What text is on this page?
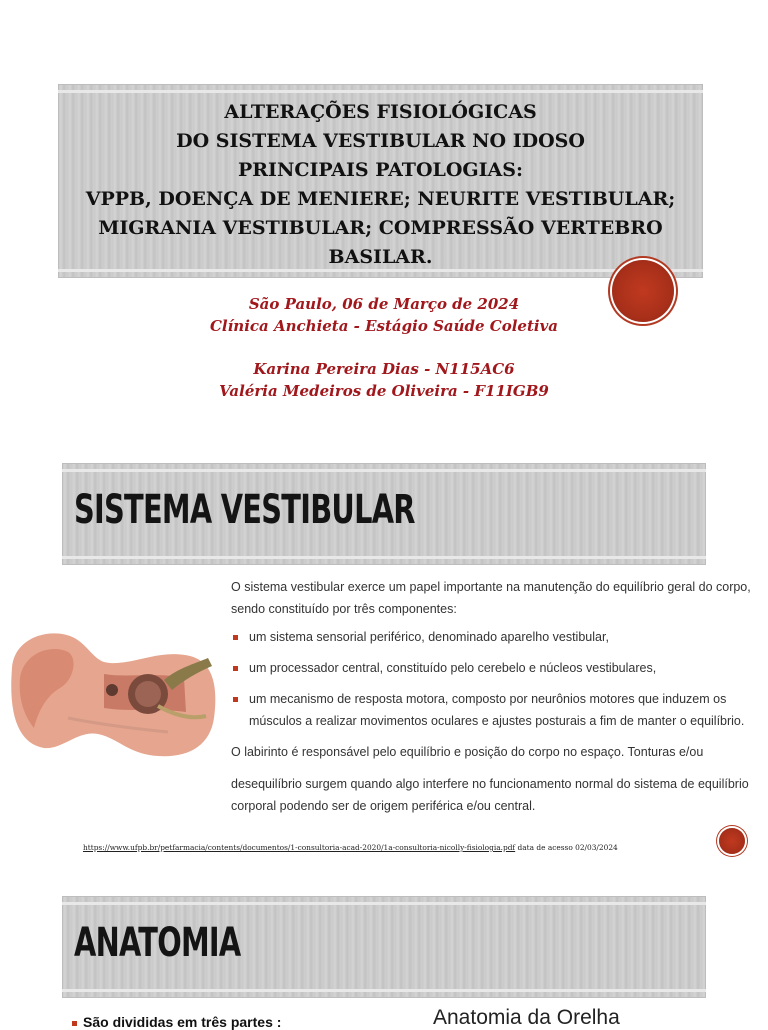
ALTERAÇÕES FISIOLÓGICAS
DO SISTEMA VESTIBULAR NO IDOSO
PRINCIPAIS PATOLOGIAS:
VPPB, DOENÇA DE MENIERE; NEURITE VESTIBULAR;
MIGRANIA VESTIBULAR; COMPRESSÃO VERTEBRO
BASILAR.

São Paulo, 06 de Março de 2024
Clínica Anchieta - Estágio Saúde Coletiva

Karina Pereira Dias - N115AC6
Valéria Medeiros de Oliveira - F11IGB9

SISTEMA VESTIBULAR

O sistema vestibular exerce um papel importante na manutenção do equilíbrio geral do corpo, sendo constituído por três componentes:

um sistema sensorial periférico, denominado aparelho vestibular,
um processador central, constituído pelo cerebelo e núcleos vestibulares,
um mecanismo de resposta motora, composto por neurônios motores que induzem os músculos a realizar movimentos oculares e ajustes posturais a fim de manter o equilíbrio.

O labirinto é responsável pelo equilíbrio e posição do corpo no espaço. Tonturas e/ou

desequilíbrio surgem quando algo interfere no funcionamento normal do sistema de equilíbrio corporal podendo ser de origem periférica e/ou central.

https://www.ufpb.br/petfarmacia/contents/documentos/1-consultoria-acad-2020/1a-consultoria-nicolly-fisiologia.pdf data de acesso 02/03/2024

ANATOMIA

São divididas em três partes :	Anatomia da Orelha
